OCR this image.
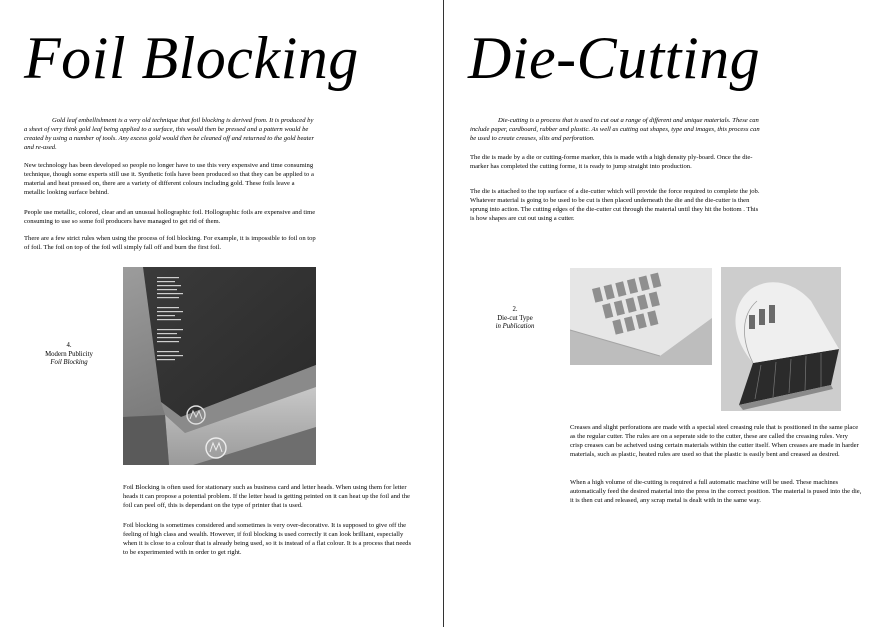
Foil Blocking
Gold leaf embellishment is a very old technique that foil blocking is derived from. It is produced by a sheet of very think gold leaf being applied to a surface, this would then be pressed and a pattern would be created by using a number of tools. Any excess gold would then be cleaned off and returned to the gold beater and re-used.
New technology has been developed so people no longer have to use this very expensive and time consuming technique, though some experts still use it. Synthetic foils have been produced so that they can be applied to a material and heat pressed on, there are a variety of different colours including gold. These foils leave a metallic looking surface behind.
People use metallic, colored, clear and an unusual hollographic foil. Hollographic foils are expensive and time consuming to use so some foil producers have managed to get rid of them.
There are a few strict rules when using the process of foil blocking. For example, it is impossible to foil on top of foil. The foil on top of the foil will simply fall off and burn the first foil.
4.
Modern Publicity
Foil Blocking
Foil Blocking is often used for stationary such as business card and letter heads. When using them for letter heads it can propose a potential problem. If the letter head is getting peinted on it can heat up the foil and the foil can peel off, this is dependant on the type of printer that is used.
Foil blocking is sometimes considered and sometimes is very over-decorative. It is supposed to give off the feeling of high class and wealth. However, if foil blocking is used correctly it can look brilliant, especially when it is close to a colour that is already being used, so it is instead of a flat colour. It is a process that needs to be experimented with in order to get right.
Die-Cutting
Die-cutting is a process that is used to cut out a range of different and unique materials. These can include paper, cardboard, rubber and plastic. As well as cutting out shapes, type and images, this process can be used to create creases, slits and perforation.
The die is made by a die or cutting-forme marker, this is made with a high density ply-board. Once the die-marker has completed the cutting forme, it is ready to jump straight into production.
The die is attached to the top surface of a die-cutter which will provide the force required to complete the job. Whatever material is going to be used to be cut is then placed underneath the die and the die-cutter is then sprung into action. The cutting edges of the die-cutter cut through the material until they hit the bottom . This is how shapes are cut out using a cutter.
2.
Die-cut Type
in Publication
Creases and slight perforations are made with a special steel creasing rule that is positioned in the same place as the regular cutter. The rules are on a seperate side to the cutter, these are called the creasing rules. Very crisp creases can be acheived using certain materials within the cutter itself. When creases are made in harder materials, such as plastic, heated rules are used so that the plastic is easily bent and creased as desired.
When a high volume of die-cutting is required a full automatic machine will be used. These machines automatically feed the desired material into the press in the correct position. The material is pused into the die, it is then cut and released, any scrap metal is dealt with in the same way.
